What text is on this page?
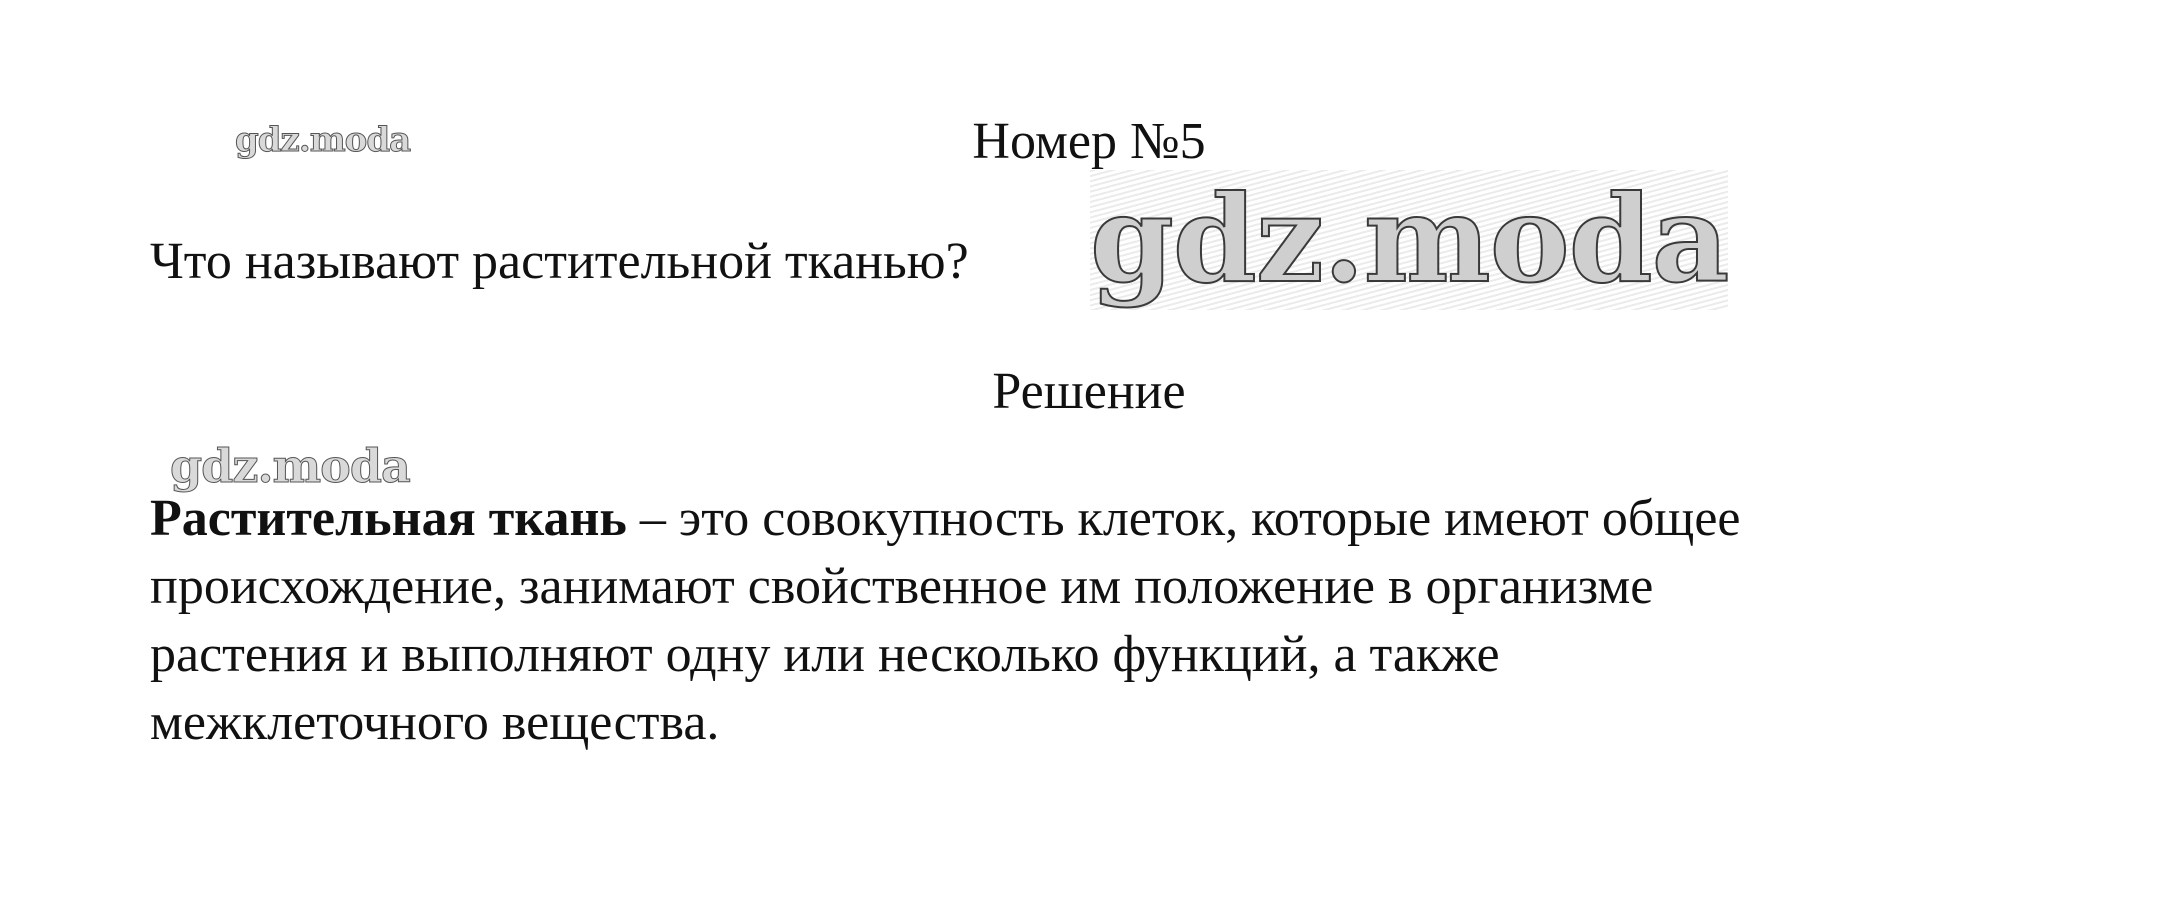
gdz.moda	Номер №5
Что называют растительной тканью? gdz.moda
Решение
gdz.moda
Растительная ткань – это совокупность клеток, которые имеют общее
происхождение, занимают свойственное им положение в организме
растения и выполняют одну или несколько функций, а также
межклеточного вещества.
